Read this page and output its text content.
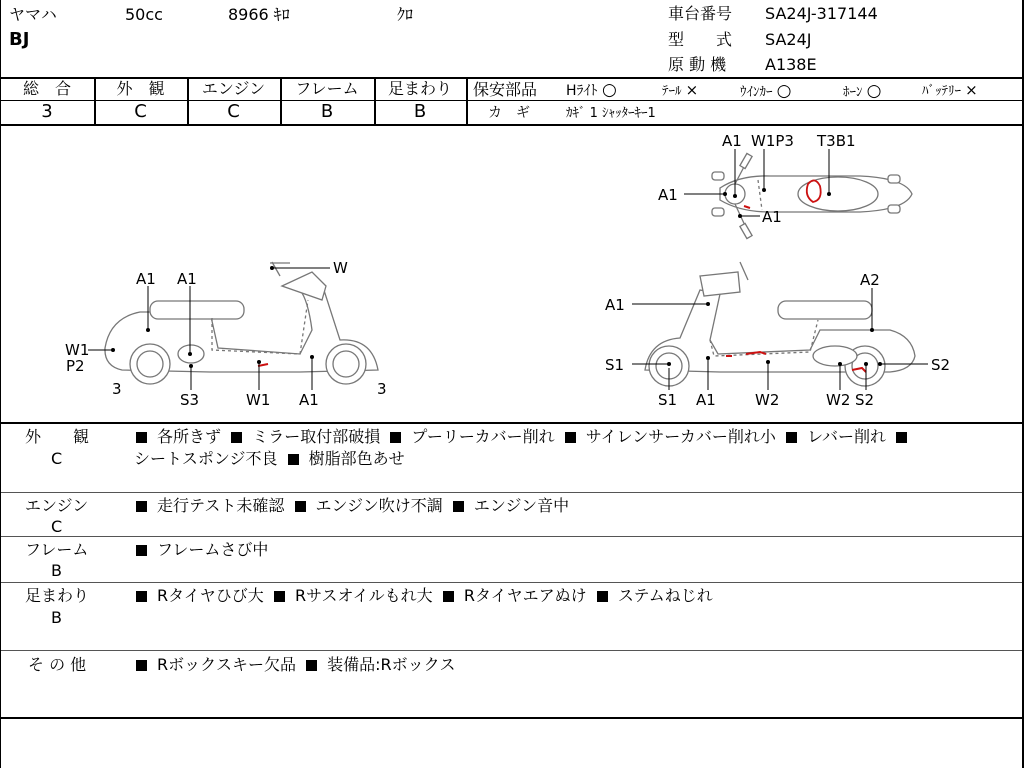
ヤマハ	50cc	8966 ｷﾛ	ｸﾛ
BJ
車台番号 SA24J-317144
型　　式 SA24J
原 動 機 A138E
総　合	外　観	エンジン	フレーム	足まわり
3	C	C	B	B
保安部品 Hﾗｲﾄ ○	ﾃｰﾙ ×	ｳｲﾝｶｰ ○	ﾎｰﾝ ○	ﾊﾞｯﾃﾘｰ ×
カ　ギ	ｶｷﾞ 1 ｼｬｯﾀｰｷｰ1
A1 W1P3 T3B1
A1
A1
W
A1 A1
W1
P2
3
S3	W1 A1
3
A2
A1
S1
S1 A1	W2	W2 S2
S2
外　　観
C
各所きず ミラー取付部破損 プーリーカバー削れ サイレンサーカバー削れ小 レバー削れ
シートスポンジ不良 樹脂部色あせ
エンジン
C
走行テスト未確認 エンジン吹け不調 エンジン音中
フレーム
B
フレームさび中
足まわり
B
Rタイヤひび大 Rサスオイルもれ大 Rタイヤエアぬけ ステムねじれ
そ の 他	Rボックスキー欠品 装備品:Rボックス
